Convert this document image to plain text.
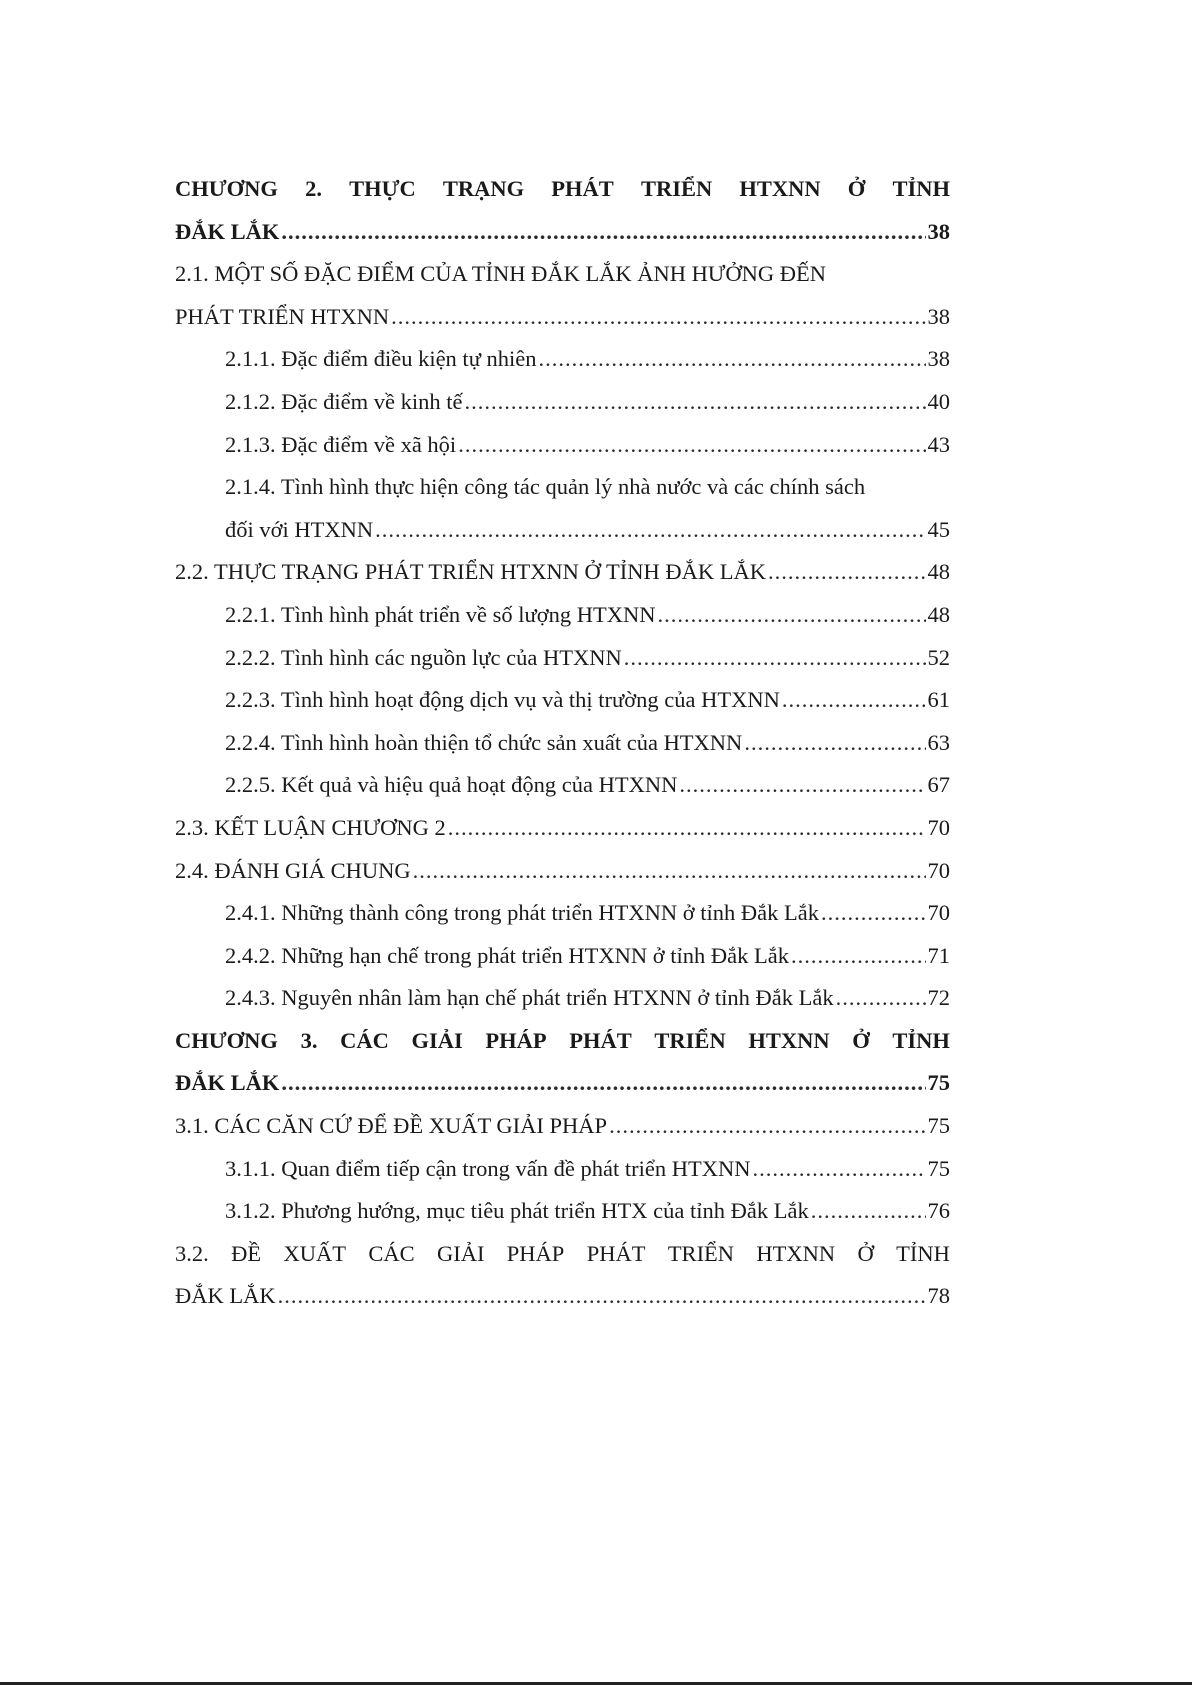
CHƯƠNG 2. THỰC TRẠNG PHÁT TRIỂN HTXNN Ở TỈNH
ĐẮK LẮK .....	38
2.1. MỘT SỐ ĐẶC ĐIỂM CỦA TỈNH ĐẮK LẮK ẢNH HƯỞNG ĐẾN
PHÁT TRIỂN HTXNN .....	38
2.1.1. Đặc điểm điều kiện tự nhiên .....	38
2.1.2. Đặc điểm về kinh tế .....	40
2.1.3. Đặc điểm về xã hội .....	43
2.1.4. Tình hình thực hiện công tác quản lý nhà nước và các chính sách
đối với HTXNN .....	45
2.2. THỰC TRẠNG PHÁT TRIỂN HTXNN Ở TỈNH ĐẮK LẮK .....	48
2.2.1. Tình hình phát triển về số lượng HTXNN .....	48
2.2.2. Tình hình các nguồn lực của HTXNN .....	52
2.2.3. Tình hình hoạt động dịch vụ và thị trường của HTXNN .....	61
2.2.4. Tình hình hoàn thiện tổ chức sản xuất của HTXNN .....	63
2.2.5. Kết quả và hiệu quả hoạt động của HTXNN .....	67
2.3. KẾT LUẬN CHƯƠNG 2 .....	70
2.4. ĐÁNH GIÁ CHUNG .....	70
2.4.1. Những thành công trong phát triển HTXNN ở tỉnh Đắk Lắk .....	70
2.4.2. Những hạn chế trong phát triển HTXNN ở tỉnh Đắk Lắk .....	71
2.4.3. Nguyên nhân làm hạn chế phát triển HTXNN ở tỉnh Đắk Lắk .....	72
CHƯƠNG 3. CÁC GIẢI PHÁP PHÁT TRIỂN HTXNN Ở TỈNH
ĐẮK LẮK .....	75
3.1. CÁC CĂN CỨ ĐỂ ĐỀ XUẤT GIẢI PHÁP .....	75
3.1.1. Quan điểm tiếp cận trong vấn đề phát triển HTXNN .....	75
3.1.2. Phương hướng, mục tiêu phát triển HTX của tỉnh Đắk Lắk .....	76
3.2. ĐỀ XUẤT CÁC GIẢI PHÁP PHÁT TRIỂN HTXNN Ở TỈNH
ĐẮK LẮK .....	78
